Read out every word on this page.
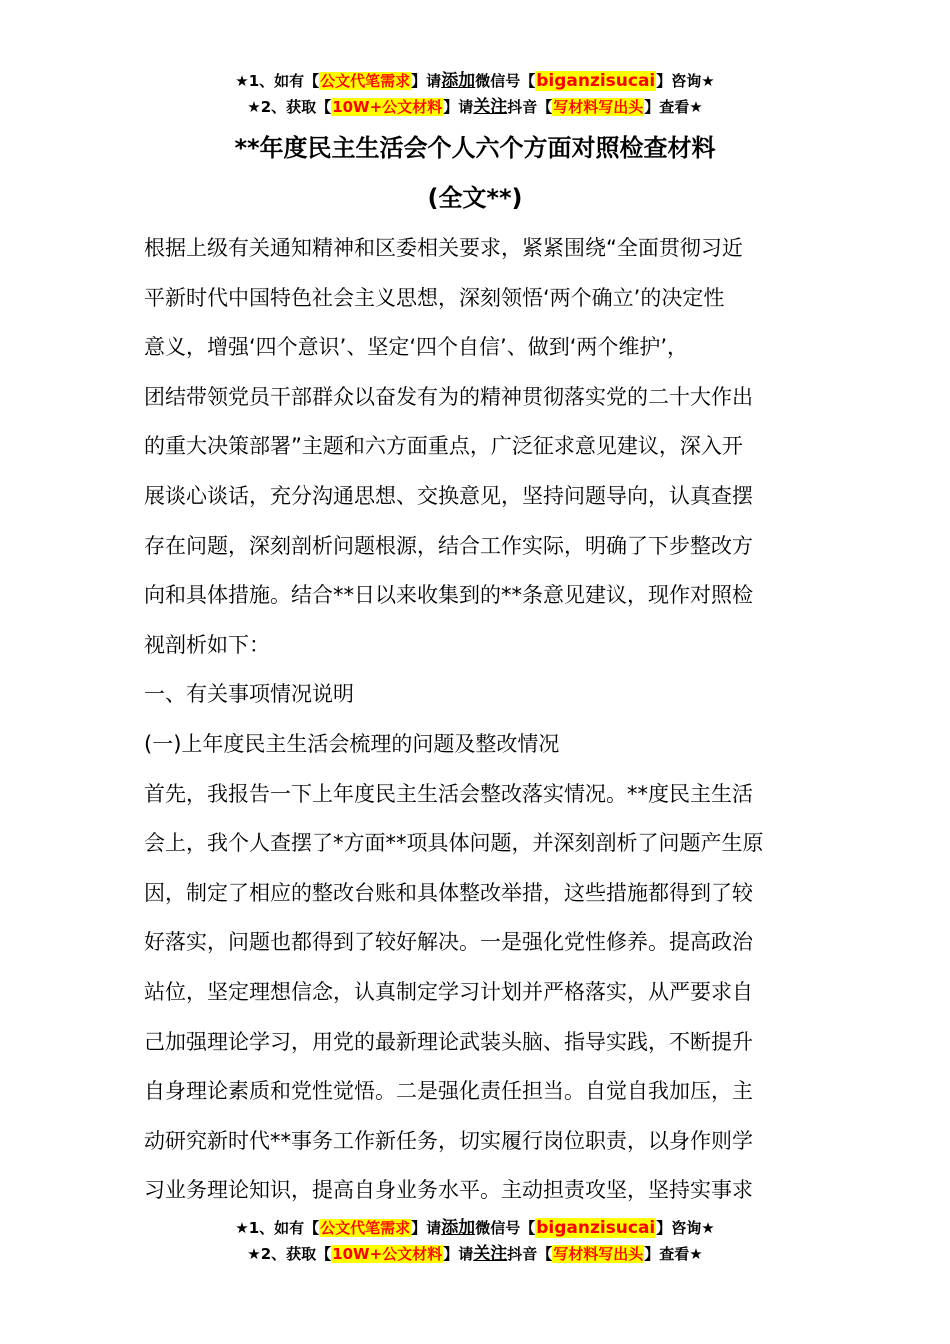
★1、如有【公文代笔需求】请添加微信号【biganzisucai】咨询★
★2、获取【10W+公文材料】请关注抖音【写材料写出头】查看★
**年度民主生活会个人六个方面对照检查材料
(全文**)
根据上级有关通知精神和区委相关要求，紧紧围绕“全面贯彻习近
平新时代中国特色社会主义思想，深刻领悟‘两个确立’的决定性
意义，增强‘四个意识’、坚定‘四个自信’、做到‘两个维护’，
团结带领党员干部群众以奋发有为的精神贯彻落实党的二十大作出
的重大决策部署”主题和六方面重点，广泛征求意见建议，深入开
展谈心谈话，充分沟通思想、交换意见，坚持问题导向，认真查摆
存在问题，深刻剖析问题根源，结合工作实际，明确了下步整改方
向和具体措施。结合**日以来收集到的**条意见建议，现作对照检
视剖析如下：
一、有关事项情况说明
(一)上年度民主生活会梳理的问题及整改情况
首先，我报告一下上年度民主生活会整改落实情况。**度民主生活
会上，我个人查摆了*方面**项具体问题，并深刻剖析了问题产生原
因，制定了相应的整改台账和具体整改举措，这些措施都得到了较
好落实，问题也都得到了较好解决。一是强化党性修养。提高政治
站位，坚定理想信念，认真制定学习计划并严格落实，从严要求自
己加强理论学习，用党的最新理论武装头脑、指导实践，不断提升
自身理论素质和党性觉悟。二是强化责任担当。自觉自我加压，主
动研究新时代**事务工作新任务，切实履行岗位职责，以身作则学
习业务理论知识，提高自身业务水平。主动担责攻坚，坚持实事求
★1、如有【公文代笔需求】请添加微信号【biganzisucai】咨询★
★2、获取【10W+公文材料】请关注抖音【写材料写出头】查看★
